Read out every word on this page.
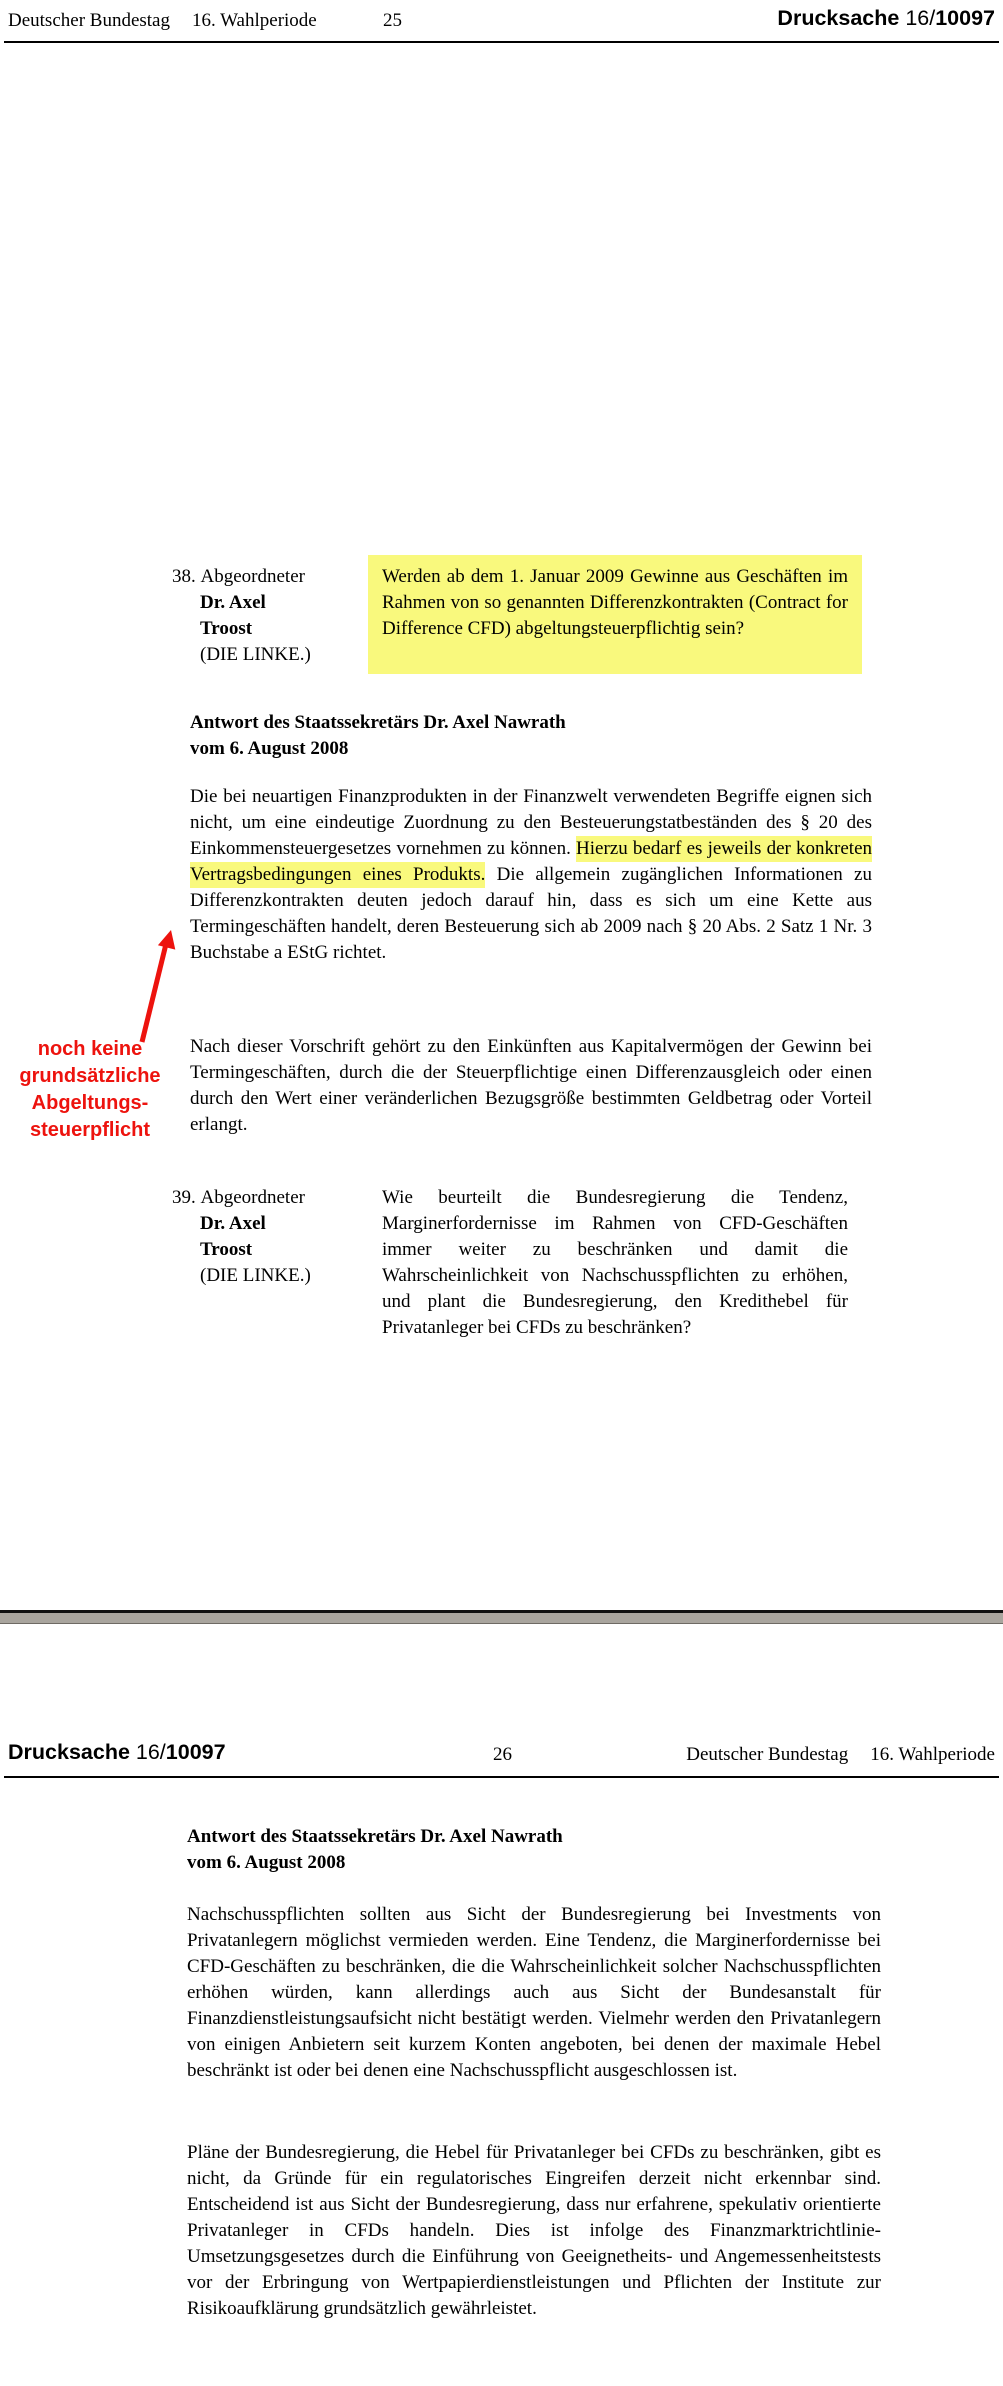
Deutscher Bundestag 16. Wahlperiode	25	Drucksache 16/10097
38. Abgeordneter
Dr. Axel
Troost
(DIE LINKE.)
Werden ab dem 1. Januar 2009 Gewinne aus Geschäften im Rahmen von so genannten Differenzkontrakten (Contract for Difference CFD) abgeltungsteuerpflichtig sein?
Antwort des Staatssekretärs Dr. Axel Nawrath
vom 6. August 2008
Die bei neuartigen Finanzprodukten in der Finanzwelt verwendeten Begriffe eignen sich nicht, um eine eindeutige Zuordnung zu den Besteuerungstatbeständen des § 20 des Einkommensteuergesetzes vornehmen zu können. Hierzu bedarf es jeweils der konkreten Vertragsbedingungen eines Produkts. Die allgemein zugänglichen Informationen zu Differenzkontrakten deuten jedoch darauf hin, dass es sich um eine Kette aus Termingeschäften handelt, deren Besteuerung sich ab 2009 nach § 20 Abs. 2 Satz 1 Nr. 3 Buchstabe a EStG richtet.
Nach dieser Vorschrift gehört zu den Einkünften aus Kapitalvermögen der Gewinn bei Termingeschäften, durch die der Steuerpflichtige einen Differenzausgleich oder einen durch den Wert einer veränderlichen Bezugsgröße bestimmten Geldbetrag oder Vorteil erlangt.
noch keine
grundsätzliche
Abgeltungs-
steuerpflicht
39. Abgeordneter
Dr. Axel
Troost
(DIE LINKE.)
Wie beurteilt die Bundesregierung die Tendenz, Marginerfordernisse im Rahmen von CFD-Geschäften immer weiter zu beschränken und damit die Wahrscheinlichkeit von Nachschusspflichten zu erhöhen, und plant die Bundesregierung, den Kredithebel für Privatanleger bei CFDs zu beschränken?
Drucksache 16/10097	26	Deutscher Bundestag 16. Wahlperiode
Antwort des Staatssekretärs Dr. Axel Nawrath
vom 6. August 2008
Nachschusspflichten sollten aus Sicht der Bundesregierung bei Investments von Privatanlegern möglichst vermieden werden. Eine Tendenz, die Marginerfordernisse bei CFD-Geschäften zu beschränken, die die Wahrscheinlichkeit solcher Nachschusspflichten erhöhen würden, kann allerdings auch aus Sicht der Bundesanstalt für Finanzdienstleistungsaufsicht nicht bestätigt werden. Vielmehr werden den Privatanlegern von einigen Anbietern seit kurzem Konten angeboten, bei denen der maximale Hebel beschränkt ist oder bei denen eine Nachschusspflicht ausgeschlossen ist.
Pläne der Bundesregierung, die Hebel für Privatanleger bei CFDs zu beschränken, gibt es nicht, da Gründe für ein regulatorisches Eingreifen derzeit nicht erkennbar sind. Entscheidend ist aus Sicht der Bundesregierung, dass nur erfahrene, spekulativ orientierte Privatanleger in CFDs handeln. Dies ist infolge des Finanzmarktrichtlinie-Umsetzungsgesetzes durch die Einführung von Geeignetheits- und Angemessenheitstests vor der Erbringung von Wertpapierdienstleistungen und Pflichten der Institute zur Risikoaufklärung grundsätzlich gewährleistet.
